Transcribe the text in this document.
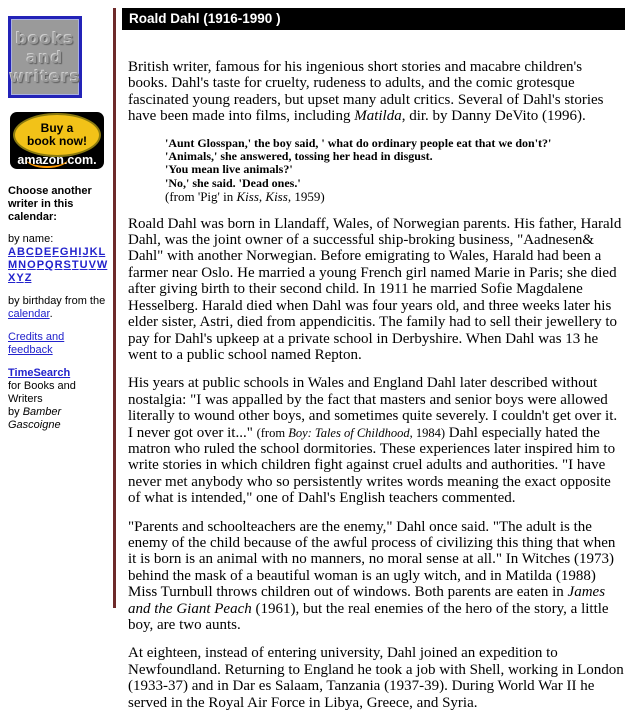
books
and
writers
Buy a
book now!
amazon.com.
Choose another writer in this calendar:
by name:
ABCDEFGHIJKLMNOPQRSTUVWXYZ
by birthday from the calendar.
Credits and feedback
TimeSearch
for Books and Writers
by Bamber Gascoigne
Roald Dahl (1916-1990 )
British writer, famous for his ingenious short stories and macabre children's books. Dahl's taste for cruelty, rudeness to adults, and the comic grotesque fascinated young readers, but upset many adult critics. Several of Dahl's stories have been made into films, including Matilda, dir. by Danny DeVito (1996).
'Aunt Glosspan,' the boy said, ' what do ordinary people eat that we don't?'
'Animals,' she answered, tossing her head in disgust.
'You mean live animals?'
'No,' she said. 'Dead ones.'
(from 'Pig' in Kiss, Kiss, 1959)
Roald Dahl was born in Llandaff, Wales, of Norwegian parents. His father, Harald Dahl, was the joint owner of a successful ship-broking business, "Aadnesen& Dahl" with another Norwegian. Before emigrating to Wales, Harald had been a farmer near Oslo. He married a young French girl named Marie in Paris; she died after giving birth to their second child. In 1911 he married Sofie Magdalene Hesselberg. Harald died when Dahl was four years old, and three weeks later his elder sister, Astri, died from appendicitis. The family had to sell their jewellery to pay for Dahl's upkeep at a private school in Derbyshire. When Dahl was 13 he went to a public school named Repton.
His years at public schools in Wales and England Dahl later described without nostalgia: "I was appalled by the fact that masters and senior boys were allowed literally to wound other boys, and sometimes quite severely. I couldn't get over it. I never got over it..." (from Boy: Tales of Childhood, 1984) Dahl especially hated the matron who ruled the school dormitories. These experiences later inspired him to write stories in which children fight against cruel adults and authorities. "I have never met anybody who so persistently writes words meaning the exact opposite of what is intended," one of Dahl's English teachers commented.
"Parents and schoolteachers are the enemy," Dahl once said. "The adult is the enemy of the child because of the awful process of civilizing this thing that when it is born is an animal with no manners, no moral sense at all." In Witches (1973) behind the mask of a beautiful woman is an ugly witch, and in Matilda (1988) Miss Turnbull throws children out of windows. Both parents are eaten in James and the Giant Peach (1961), but the real enemies of the hero of the story, a little boy, are two aunts.
At eighteen, instead of entering university, Dahl joined an expedition to Newfoundland. Returning to England he took a job with Shell, working in London (1933-37) and in Dar es Salaam, Tanzania (1937-39). During World War II he served in the Royal Air Force in Libya, Greece, and Syria.
